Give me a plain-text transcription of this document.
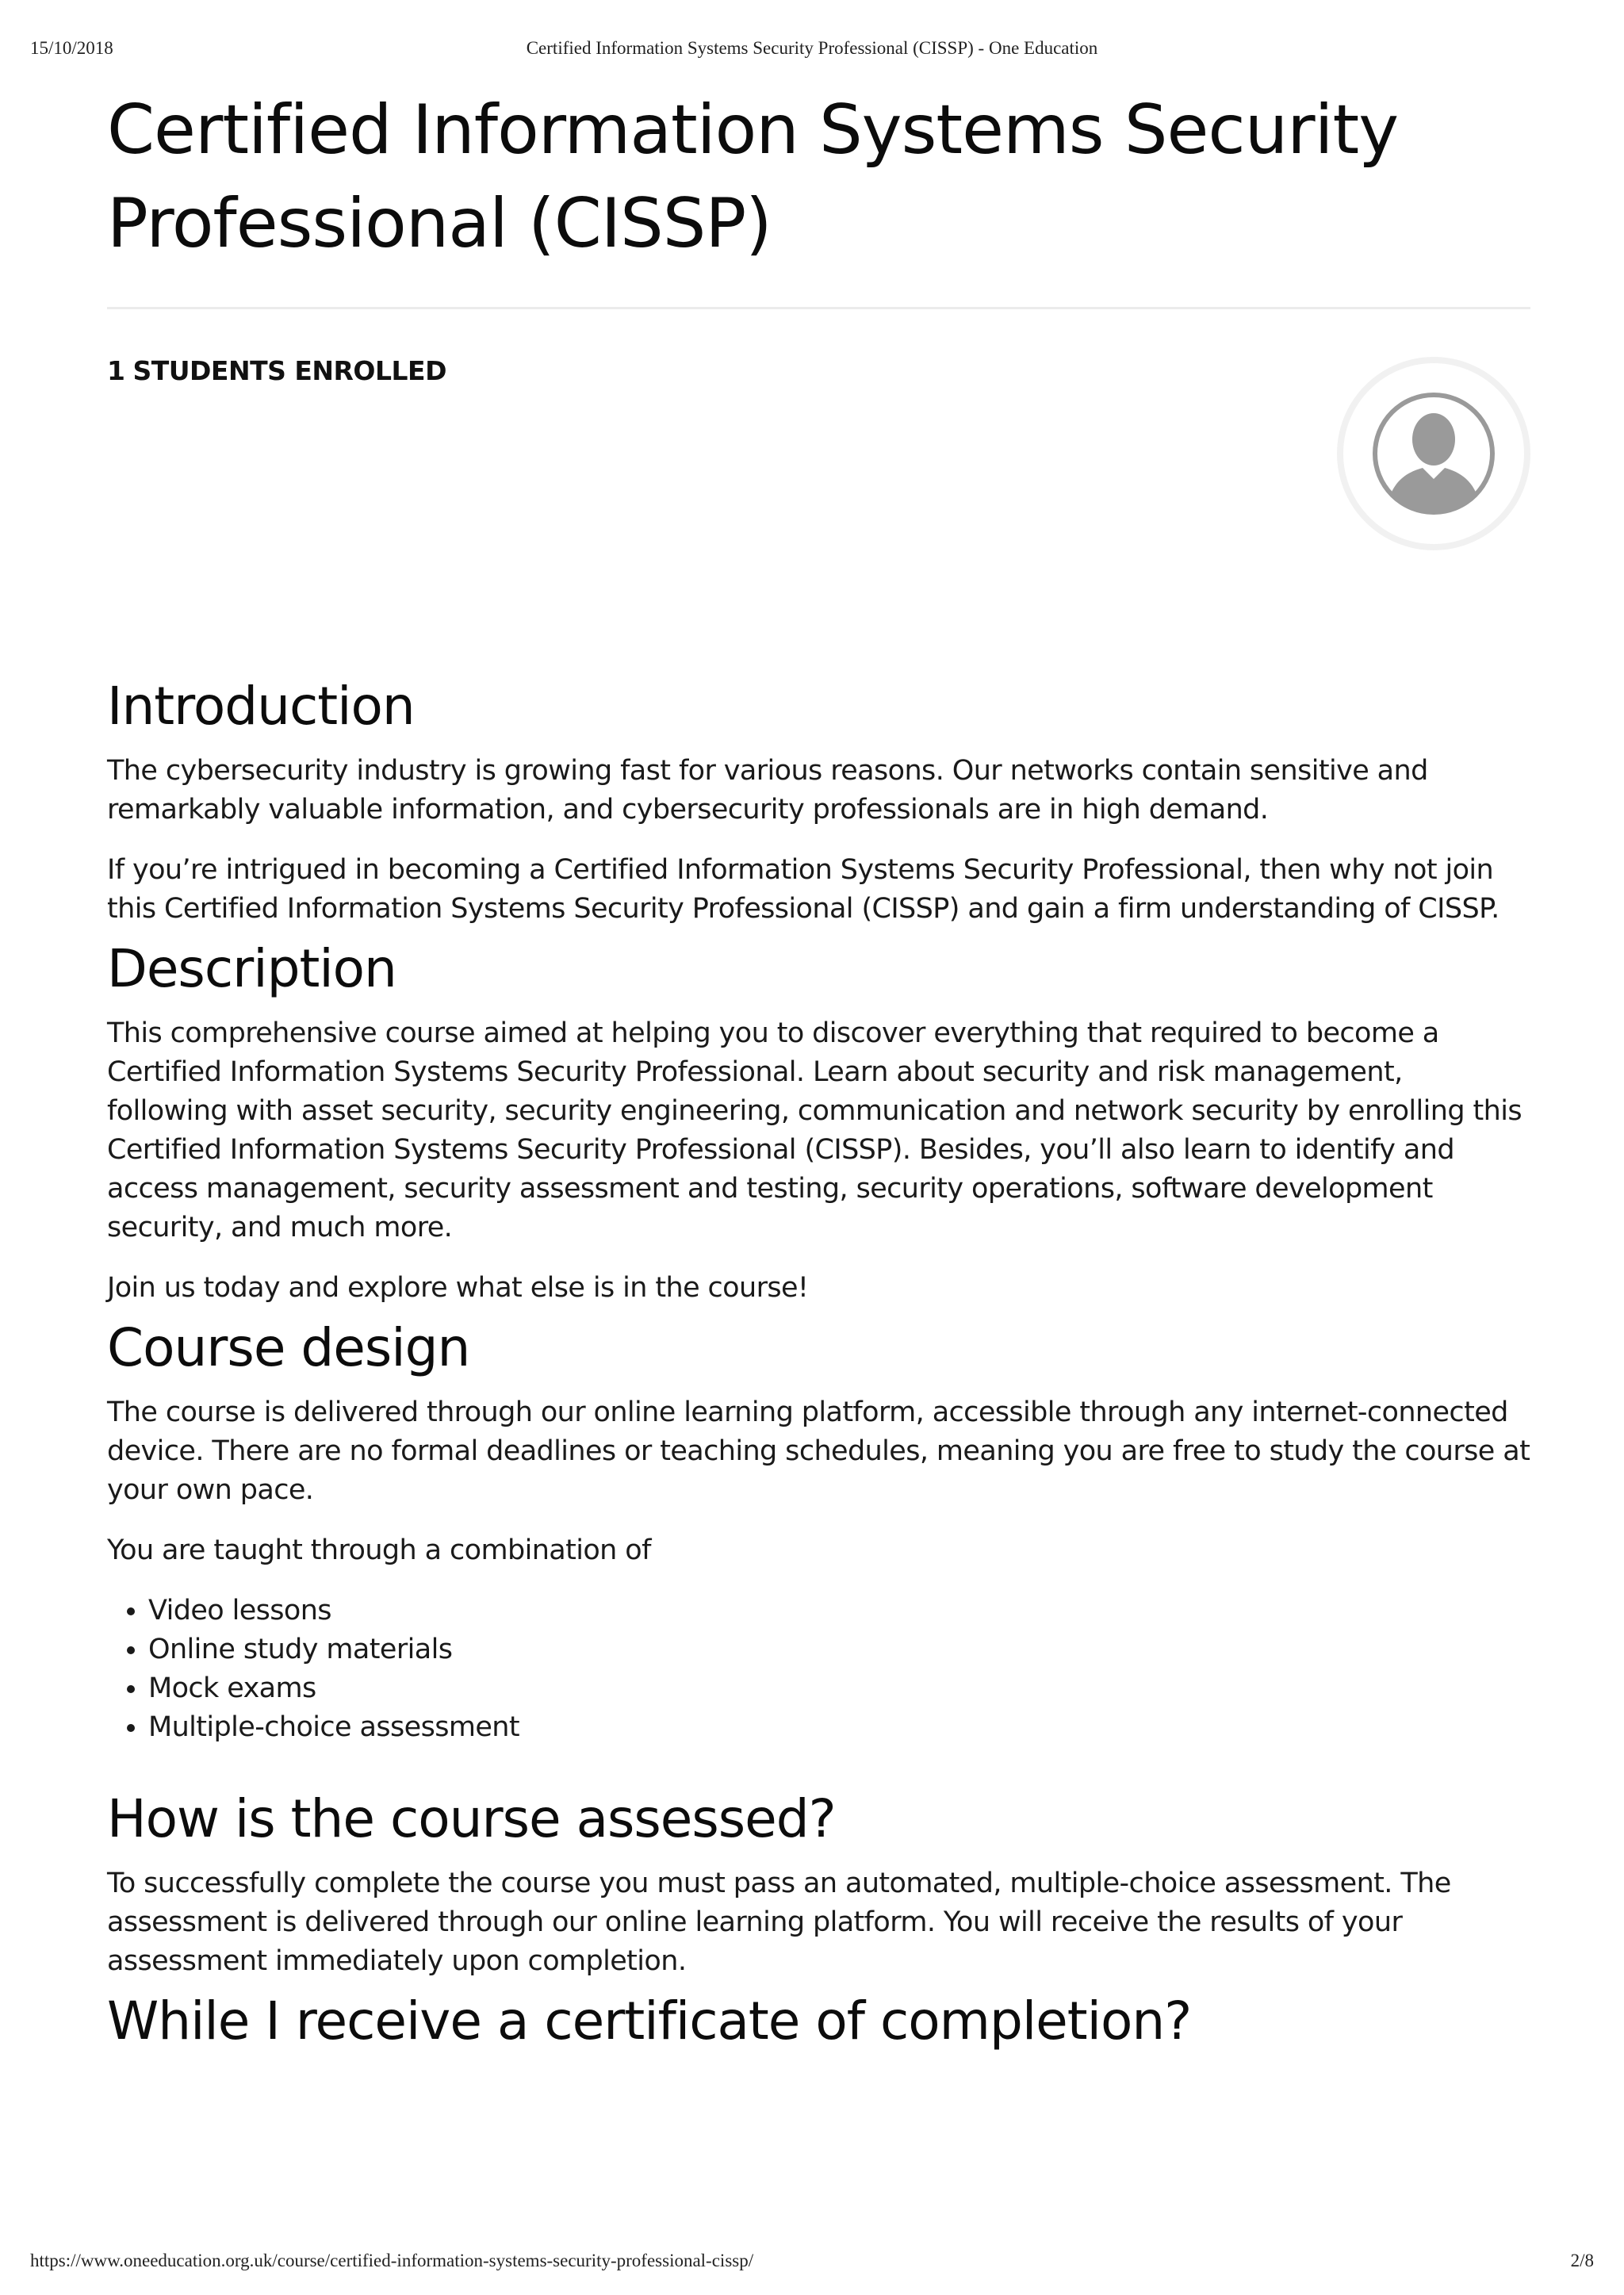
15/10/2018	Certified Information Systems Security Professional (CISSP) - One Education
Certified Information Systems Security Professional (CISSP)
1 STUDENTS ENROLLED
Introduction

The cybersecurity industry is growing fast for various reasons. Our networks contain sensitive and remarkably valuable information, and cybersecurity professionals are in high demand.

If you’re intrigued in becoming a Certified Information Systems Security Professional, then why not join this Certified Information Systems Security Professional (CISSP) and gain a firm understanding of CISSP.

Description

This comprehensive course aimed at helping you to discover everything that required to become a Certified Information Systems Security Professional. Learn about security and risk management, following with asset security, security engineering, communication and network security by enrolling this Certified Information Systems Security Professional (CISSP). Besides, you’ll also learn to identify and access management, security assessment and testing, security operations, software development security, and much more.

Join us today and explore what else is in the course!

Course design

The course is delivered through our online learning platform, accessible through any internet-connected device. There are no formal deadlines or teaching schedules, meaning you are free to study the course at your own pace.

You are taught through a combination of

• Video lessons
• Online study materials
• Mock exams
• Multiple-choice assessment
How is the course assessed?

To successfully complete the course you must pass an automated, multiple-choice assessment. The assessment is delivered through our online learning platform. You will receive the results of your assessment immediately upon completion.

While I receive a certificate of completion?
https://www.oneeducation.org.uk/course/certified-information-systems-security-professional-cissp/	2/8
